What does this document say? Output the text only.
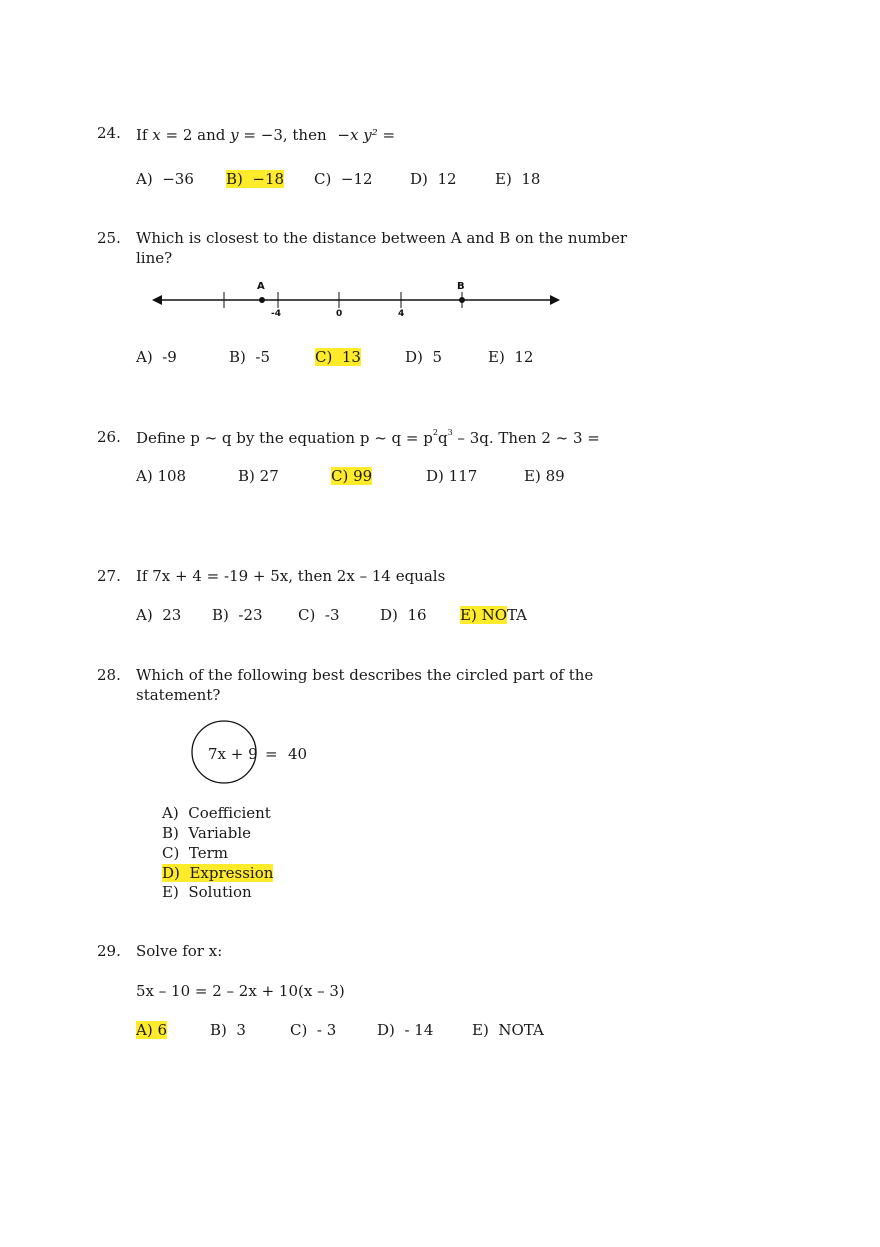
24. If x = 2 and y = −3, then −x y² =
A) −36 B) −18 C) −12 D) 12	E) 18
25. Which is closest to the distance between A and B on the number
line?
A	B
-4	0	4
A) -9	B) -5	C) 13	D) 5	E) 12
26. Define p ~ q by the equation p ~ $q = p^2q^3 - 3q$. Then 2 ~ 3 =
A) 108	B) 27	C) 99	D) 117	E) 89
27. If 7x + 4 = -19 + 5x, then 2x – 14 equals
A) 23 B) -23 C) -3	D) 16 E) NOTA
28. Which of the following best describes the circled part of the
statement?
7x + 9 = 40
A) Coefficient
B) Variable
C) Term
D) Expression
E) Solution
29. Solve for x:
5x – 10 = 2 – 2x + 10(x – 3)
A) 6	B) 3	C) - 3	D) - 14	E) NOTA
